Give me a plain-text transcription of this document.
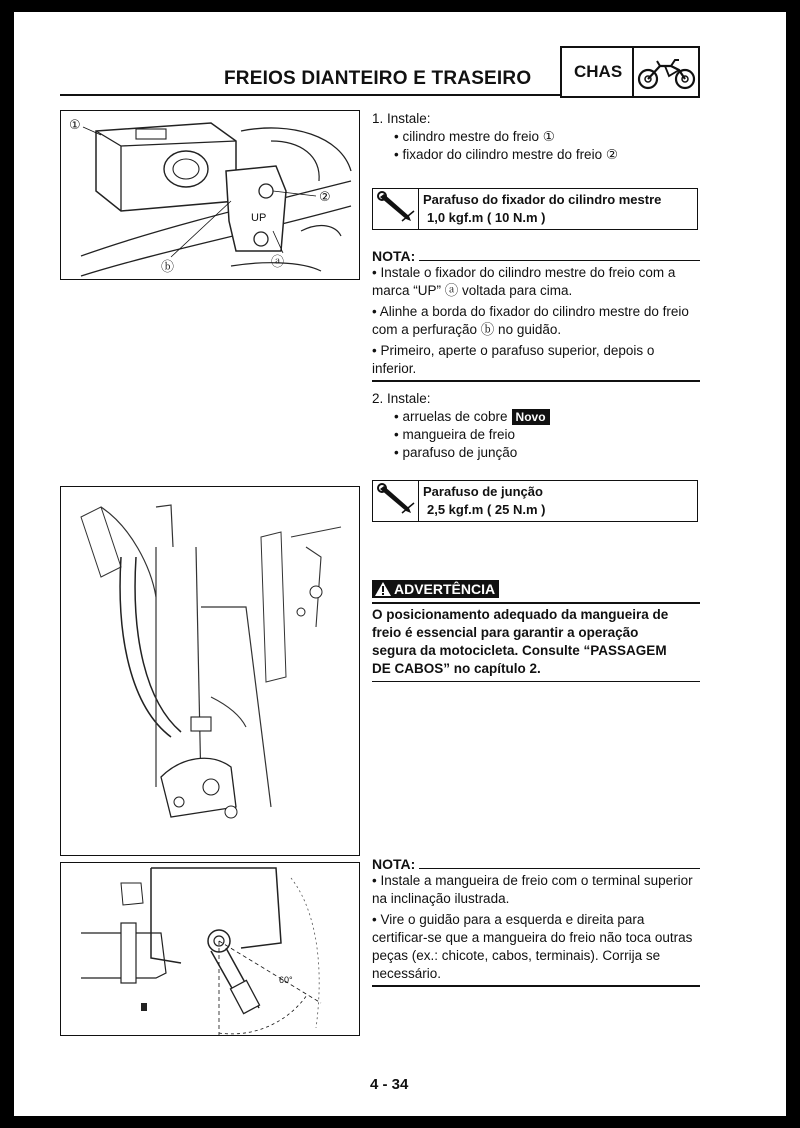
FREIOS DIANTEIRO E TRASEIRO	CHAS
UP
①
②
ⓐ
ⓑ
1. Instale:
• cilindro mestre do freio ①
• fixador do cilindro mestre do freio ②
Parafuso do fixador do cilindro mestre
1,0 kgf.m ( 10 N.m )
NOTA:
• Instale o fixador do cilindro mestre do freio com a marca “UP” ⓐ voltada para cima.
• Alinhe a borda do fixador do cilindro mestre do freio com a perfuração ⓑ no guidão.
• Primeiro, aperte o parafuso superior, depois o inferior.
2. Instale:
• arruelas de cobre Novo
• mangueira de freio
• parafuso de junção
Parafuso de junção
2,5 kgf.m ( 25 N.m )
ADVERTÊNCIA
O posicionamento adequado da mangueira de
freio é essencial para garantir a operação
segura da motocicleta. Consulte “PASSAGEM
DE CABOS” no capítulo 2.
60°
NOTA:
• Instale a mangueira de freio com o terminal superior na inclinação ilustrada.
• Vire o guidão para a esquerda e direita para certificar-se que a mangueira do freio não toca outras peças (ex.: chicote, cabos, terminais). Corrija se necessário.
4 - 34
